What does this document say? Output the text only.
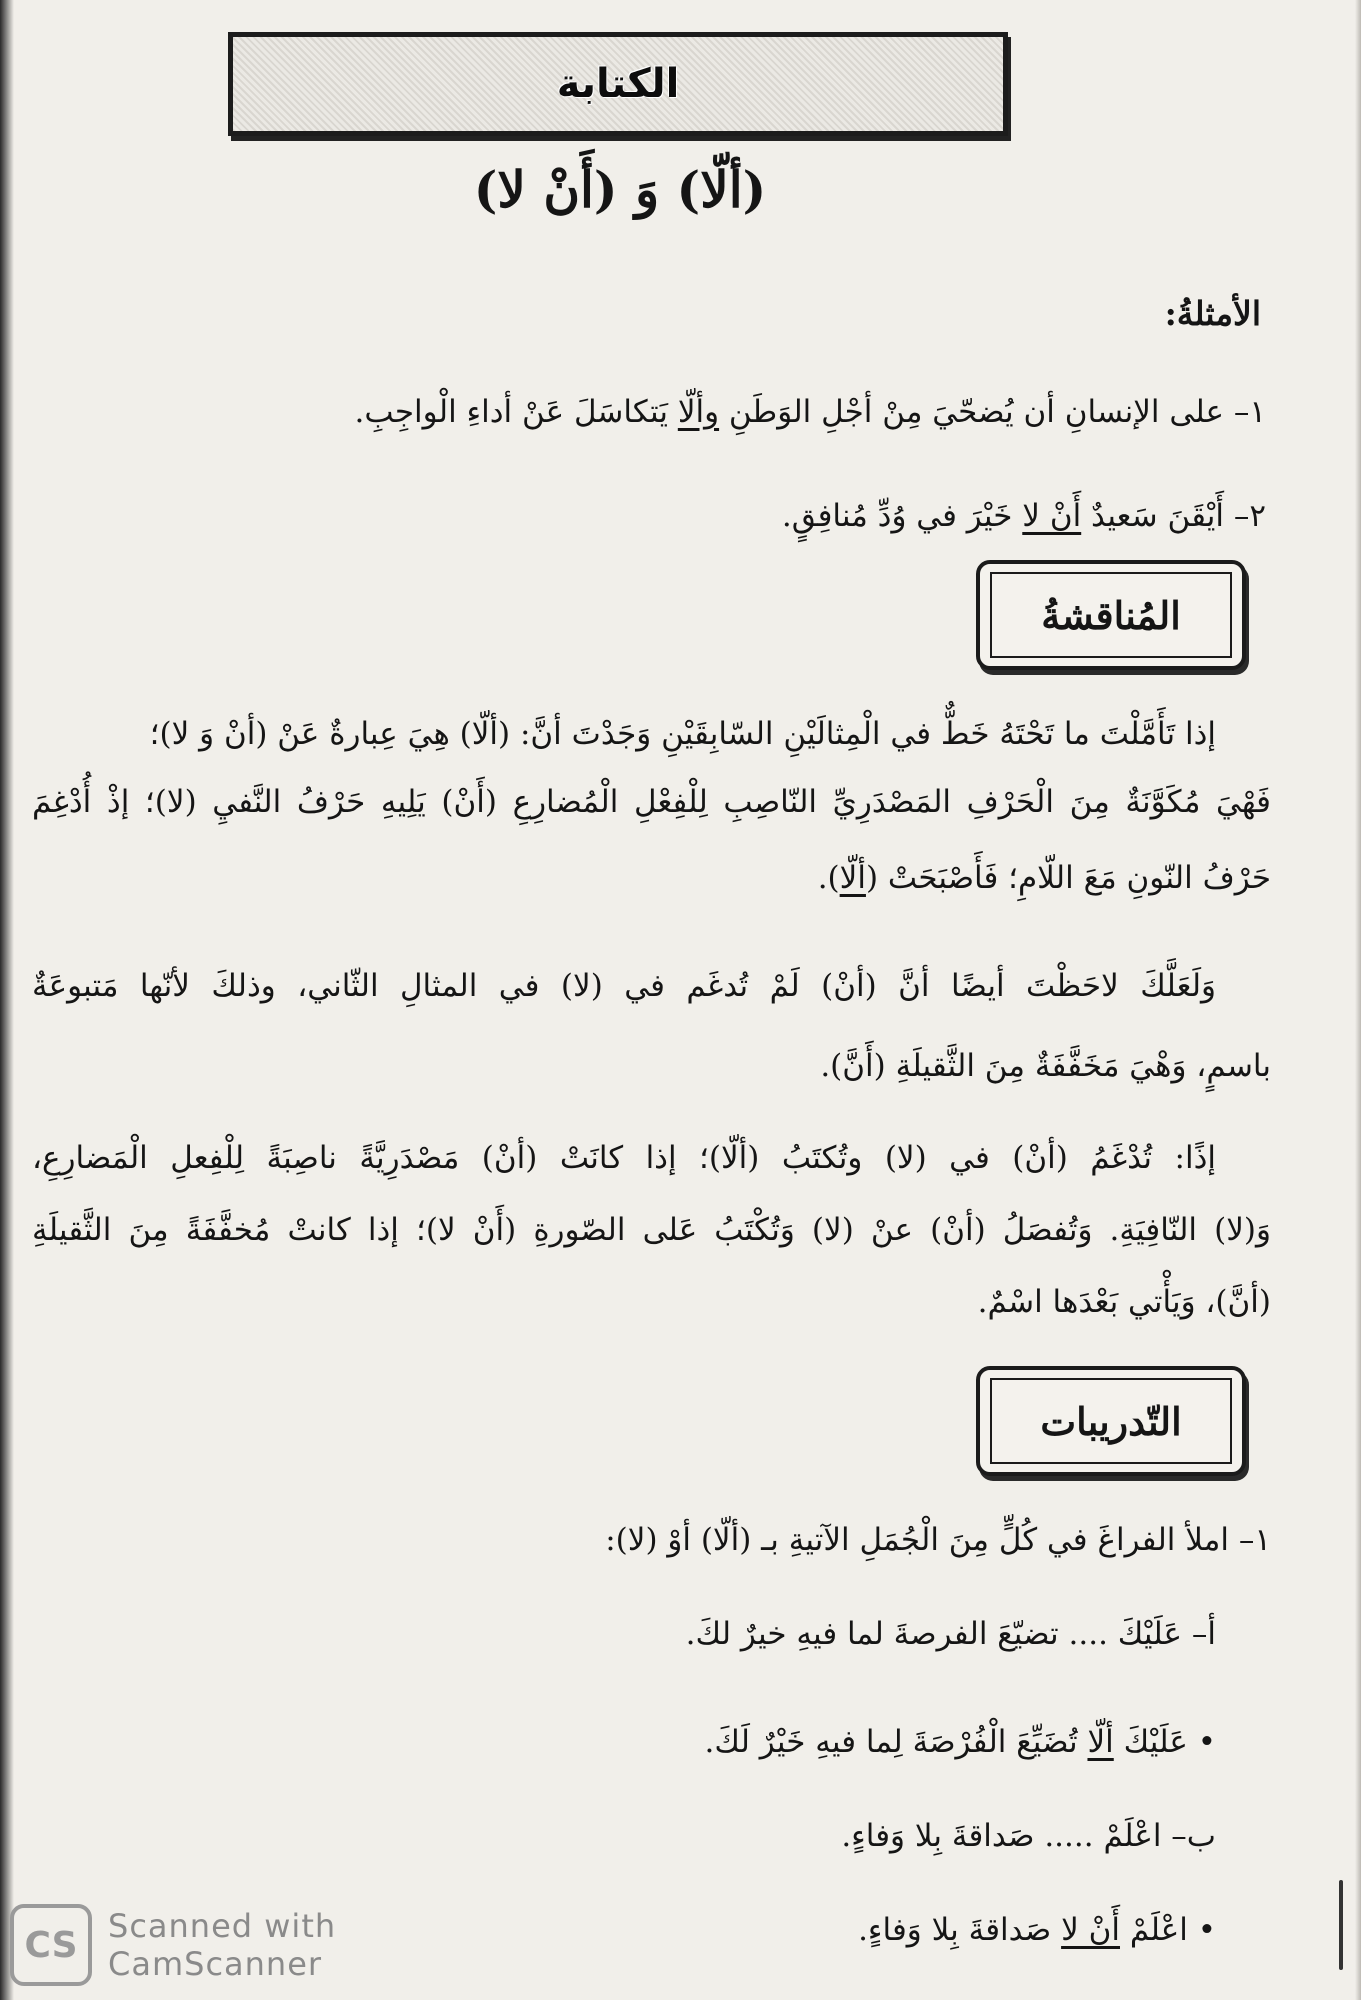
الكتابة
(ألّا) وَ (أَنْ لا)
الأمثلةُ:
١– على الإنسانِ أن يُضحّيَ مِنْ أجْلِ الوَطَنِ وألّا يَتكاسَلَ عَنْ أداءِ الْواجِبِ.
٢– أَيْقَنَ سَعيدٌ أَنْ لا خَيْرَ في وُدِّ مُنافِقٍ.
المُناقشةُ
إذا تَأَمَّلْتَ ما تَحْتَهُ خَطٌّ في الْمِثالَيْنِ السّابِقَيْنِ وَجَدْتَ أنَّ: (ألّا) هِيَ عِبارةٌ عَنْ (أنْ وَ لا)؛
فَهْيَ مُكَوَّنَةٌ مِنَ الْحَرْفِ المَصْدَرِيِّ النّاصِبِ لِلْفِعْلِ الْمُضارِعِ (أَنْ) يَلِيهِ حَرْفُ النَّفيِ (لا)؛ إذْ أُدْغِمَ
حَرْفُ النّونِ مَعَ اللّامِ؛ فَأَصْبَحَتْ (ألّا).
وَلَعَلَّكَ لاحَظْتَ أيضًا أنَّ (أنْ) لَمْ تُدغَم في (لا) في المثالِ الثّاني، وذلكَ لأنّها مَتبوعَةٌ
باسمٍ، وَهْيَ مَخَفَّفَةٌ مِنَ الثَّقيلَةِ (أَنَّ).
إذًا: تُدْغَمُ (أنْ) في (لا) وتُكتَبُ (ألّا)؛ إذا كانَتْ (أنْ) مَصْدَرِيَّةً ناصِبَةً لِلْفِعلِ الْمَضارِعِ،
وَ(لا) النّافِيَةِ. وَتُفصَلُ (أنْ) عنْ (لا) وَتُكْتَبُ عَلى الصّورةِ (أَنْ لا)؛ إذا كانتْ مُخفَّفَةً مِنَ الثَّقيلَةِ
(أنَّ)، وَيَأْتي بَعْدَها اسْمٌ.
التّدريبات
١– املأ الفراغَ في كُلٍّ مِنَ الْجُمَلِ الآتيةِ بـ (ألّا) أوْ (لا):
أ– عَلَيْكَ .... تضيّعَ الفرصةَ لما فيهِ خيرٌ لكَ.
• عَلَيْكَ ألّا تُضَيِّعَ الْفُرْصَةَ لِما فيهِ خَيْرٌ لَكَ.
ب– اعْلَمْ ..... صَداقةَ بِلا وَفاءٍ.
• اعْلَمْ أَنْ لا صَداقةَ بِلا وَفاءٍ.
CS Scanned with
CamScanner
